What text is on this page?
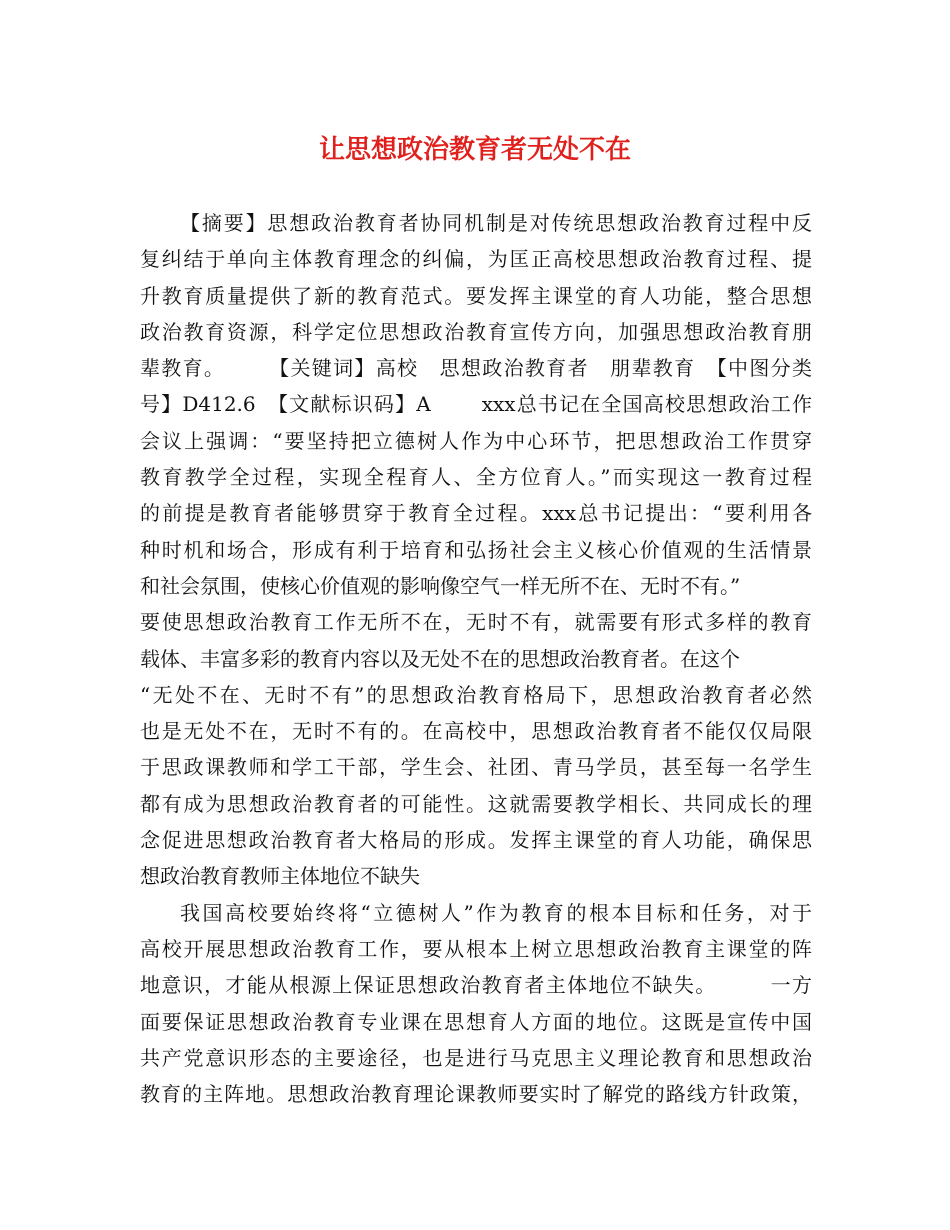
让思想政治教育者无处不在
【摘要】思想政治教育者协同机制是对传统思想政治教育过程中反
复纠结于单向主体教育理念的纠偏，为匡正高校思想政治教育过程、提
升教育质量提供了新的教育范式。要发挥主课堂的育人功能，整合思想
政治教育资源，科学定位思想政治教育宣传方向，加强思想政治教育朋
辈教育。　　　【关键词】高校　思想政治教育者　朋辈教育　【中图分类
号】D412.6　【文献标识码】A　　 xxx总书记在全国高校思想政治工作
会议上强调：“要坚持把立德树人作为中心环节，把思想政治工作贯穿
教育教学全过程，实现全程育人、全方位育人。”而实现这一教育过程
的前提是教育者能够贯穿于教育全过程。xxx总书记提出：“要利用各
种时机和场合，形成有利于培育和弘扬社会主义核心价值观的生活情景
和社会氛围，使核心价值观的影响像空气一样无所不在、无时不有。”
要使思想政治教育工作无所不在，无时不有，就需要有形式多样的教育
载体、丰富多彩的教育内容以及无处不在的思想政治教育者。在这个
“无处不在、无时不有”的思想政治教育格局下，思想政治教育者必然
也是无处不在，无时不有的。在高校中，思想政治教育者不能仅仅局限
于思政课教师和学工干部，学生会、社团、青马学员，甚至每一名学生
都有成为思想政治教育者的可能性。这就需要教学相长、共同成长的理
念促进思想政治教育者大格局的形成。发挥主课堂的育人功能，确保思
想政治教育教师主体地位不缺失
我国高校要始终将“立德树人”作为教育的根本目标和任务，对于
高校开展思想政治教育工作，要从根本上树立思想政治教育主课堂的阵
地意识，才能从根源上保证思想政治教育者主体地位不缺失。　　　一方
面要保证思想政治教育专业课在思想育人方面的地位。这既是宣传中国
共产党意识形态的主要途径，也是进行马克思主义理论教育和思想政治
教育的主阵地。思想政治教育理论课教师要实时了解党的路线方针政策，
